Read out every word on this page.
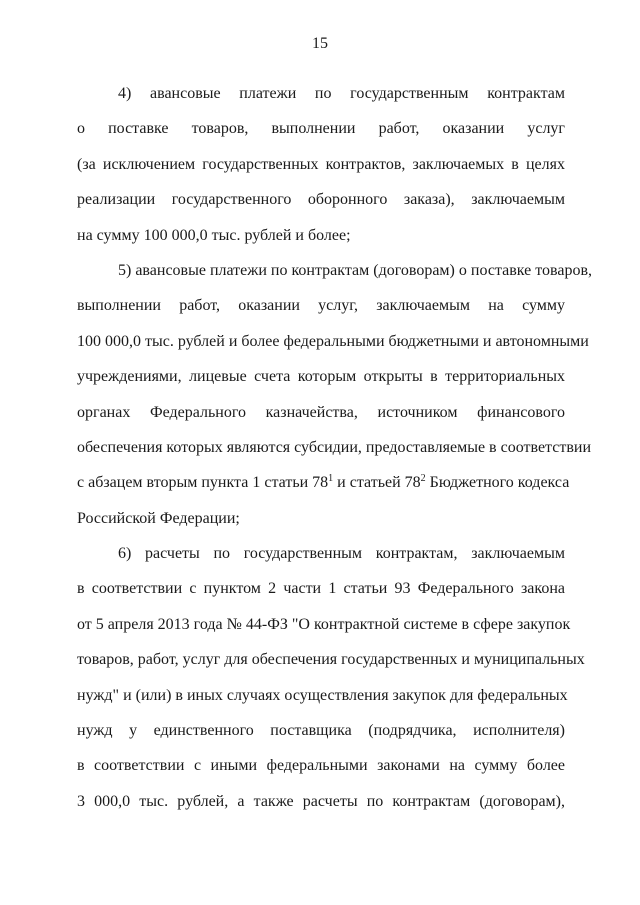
15
4) авансовые платежи по государственным контрактам
о поставке товаров, выполнении работ, оказании услуг
(за исключением государственных контрактов, заключаемых в целях
реализации государственного оборонного заказа), заключаемым
на сумму 100 000,0 тыс. рублей и более;
5) авансовые платежи по контрактам (договорам) о поставке товаров,
выполнении работ, оказании услуг, заключаемым на сумму
100 000,0 тыс. рублей и более федеральными бюджетными и автономными
учреждениями, лицевые счета которым открыты в территориальных
органах Федерального казначейства, источником финансового
обеспечения которых являются субсидии, предоставляемые в соответствии
с абзацем вторым пункта 1 статьи $78^1$ и статьей $78^2$ Бюджетного кодекса
Российской Федерации;
6) расчеты по государственным контрактам, заключаемым
в соответствии с пунктом 2 части 1 статьи 93 Федерального закона
от 5 апреля 2013 года № 44-ФЗ "О контрактной системе в сфере закупок
товаров, работ, услуг для обеспечения государственных и муниципальных
нужд" и (или) в иных случаях осуществления закупок для федеральных
нужд у единственного поставщика (подрядчика, исполнителя)
в соответствии с иными федеральными законами на сумму более
3 000,0 тыс. рублей, а также расчеты по контрактам (договорам),
